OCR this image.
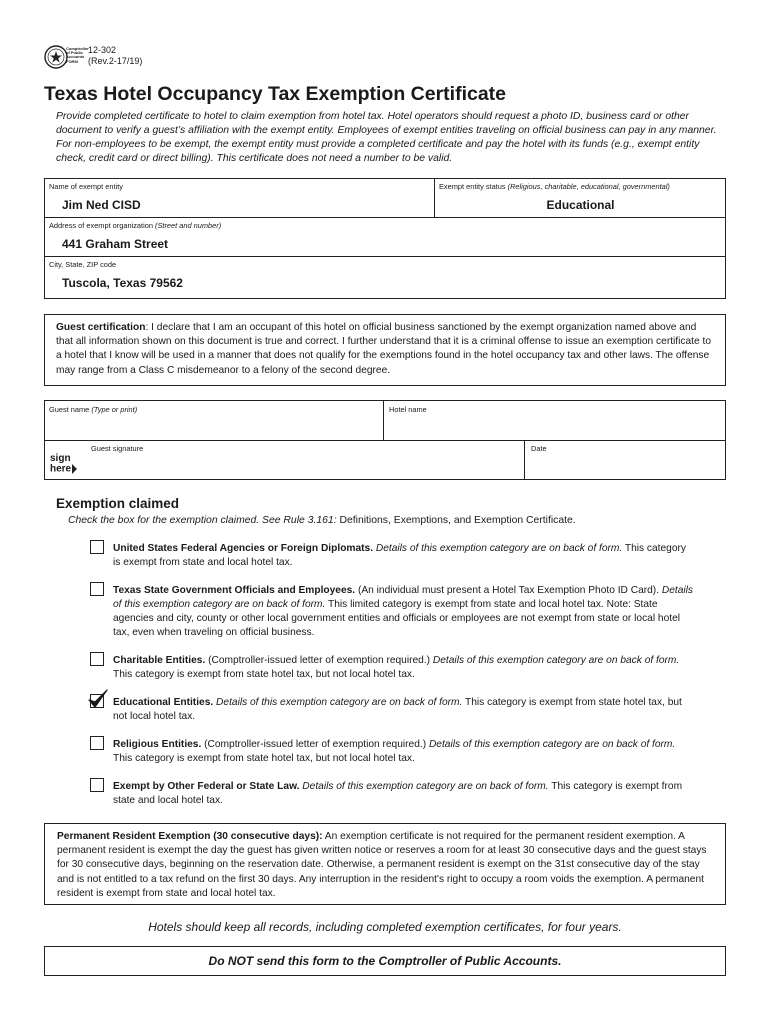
Comptroller of Public Accounts FORM
12-302
(Rev.2-17/19)
Texas Hotel Occupancy Tax Exemption Certificate
Provide completed certificate to hotel to claim exemption from hotel tax. Hotel operators should request a photo ID, business card or other document to verify a guest’s affiliation with the exempt entity. Employees of exempt entities traveling on official business can pay in any manner. For non-employees to be exempt, the exempt entity must provide a completed certificate and pay the hotel with its funds (e.g., exempt entity check, credit card or direct billing). This certificate does not need a number to be valid.
Name of exempt entity
Jim Ned CISD
Exempt entity status (Religious, charitable, educational, governmental)
Educational
Address of exempt organization (Street and number)
441 Graham Street
City, State, ZIP code
Tuscola, Texas 79562
Guest certification: I declare that I am an occupant of this hotel on official business sanctioned by the exempt organization named above and that all information shown on this document is true and correct. I further understand that it is a criminal offense to issue an exemption certificate to a hotel that I know will be used in a manner that does not qualify for the exemptions found in the hotel occupancy tax and other laws. The offense may range from a Class C misdemeanor to a felony of the second degree.
Guest name (Type or print)	Hotel name
Guest signature	Date
sign
here
Exemption claimed
Check the box for the exemption claimed. See Rule 3.161: Definitions, Exemptions, and Exemption Certificate.
United States Federal Agencies or Foreign Diplomats. Details of this exemption category are on back of form. This category is exempt from state and local hotel tax.
Texas State Government Officials and Employees. (An individual must present a Hotel Tax Exemption Photo ID Card). Details of this exemption category are on back of form. This limited category is exempt from state and local hotel tax. Note: State agencies and city, county or other local government entities and officials or employees are not exempt from state or local hotel tax, even when traveling on official business.
Charitable Entities. (Comptroller-issued letter of exemption required.) Details of this exemption category are on back of form. This category is exempt from state hotel tax, but not local hotel tax.
Educational Entities. Details of this exemption category are on back of form. This category is exempt from state hotel tax, but not local hotel tax.
Religious Entities. (Comptroller-issued letter of exemption required.) Details of this exemption category are on back of form. This category is exempt from state hotel tax, but not local hotel tax.
Exempt by Other Federal or State Law. Details of this exemption category are on back of form. This category is exempt from state and local hotel tax.
Permanent Resident Exemption (30 consecutive days): An exemption certificate is not required for the permanent resident exemption. A permanent resident is exempt the day the guest has given written notice or reserves a room for at least 30 consecutive days and the guest stays for 30 consecutive days, beginning on the reservation date. Otherwise, a permanent resident is exempt on the 31st consecutive day of the stay and is not entitled to a tax refund on the first 30 days. Any interruption in the resident's right to occupy a room voids the exemption. A permanent resident is exempt from state and local hotel tax.
Hotels should keep all records, including completed exemption certificates, for four years.
Do NOT send this form to the Comptroller of Public Accounts.
